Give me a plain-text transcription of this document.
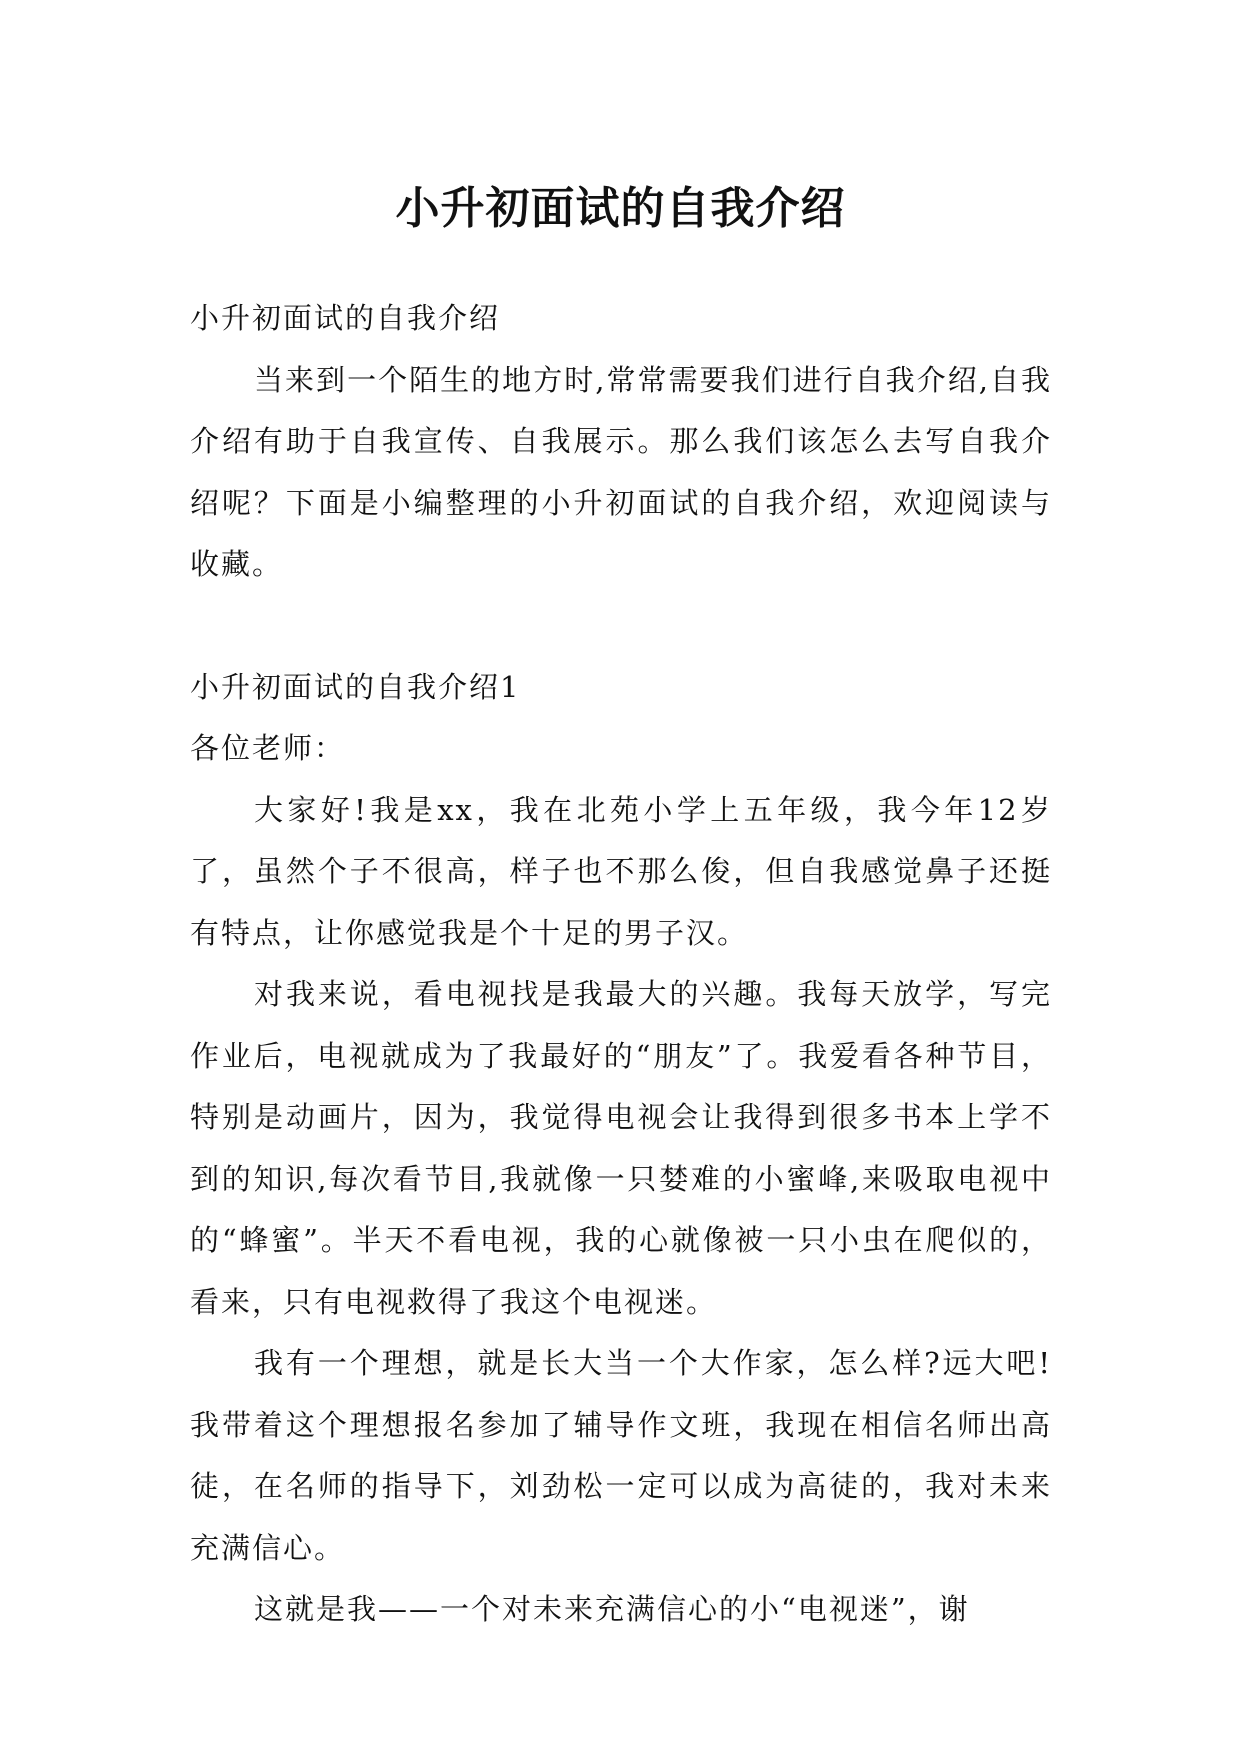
小升初面试的自我介绍

小升初面试的自我介绍

当来到一个陌生的地方时,常常需要我们进行自我介绍,自我介绍有助于自我宣传、自我展示。那么我们该怎么去写自我介绍呢？下面是小编整理的小升初面试的自我介绍，欢迎阅读与收藏。

小升初面试的自我介绍1

各位老师：

大家好!我是xx，我在北苑小学上五年级，我今年12岁了，虽然个子不很高，样子也不那么俊，但自我感觉鼻子还挺有特点，让你感觉我是个十足的男子汉。

对我来说，看电视找是我最大的兴趣。我每天放学，写完作业后，电视就成为了我最好的“朋友”了。我爱看各种节目，特别是动画片，因为，我觉得电视会让我得到很多书本上学不到的知识,每次看节目,我就像一只婪难的小蜜峰,来吸取电视中的“蜂蜜”。半天不看电视，我的心就像被一只小虫在爬似的，看来，只有电视救得了我这个电视迷。

我有一个理想，就是长大当一个大作家，怎么样?远大吧!我带着这个理想报名参加了辅导作文班，我现在相信名师出高徒，在名师的指导下，刘劲松一定可以成为高徒的，我对未来充满信心。

这就是我——一个对未来充满信心的小“电视迷”，谢
